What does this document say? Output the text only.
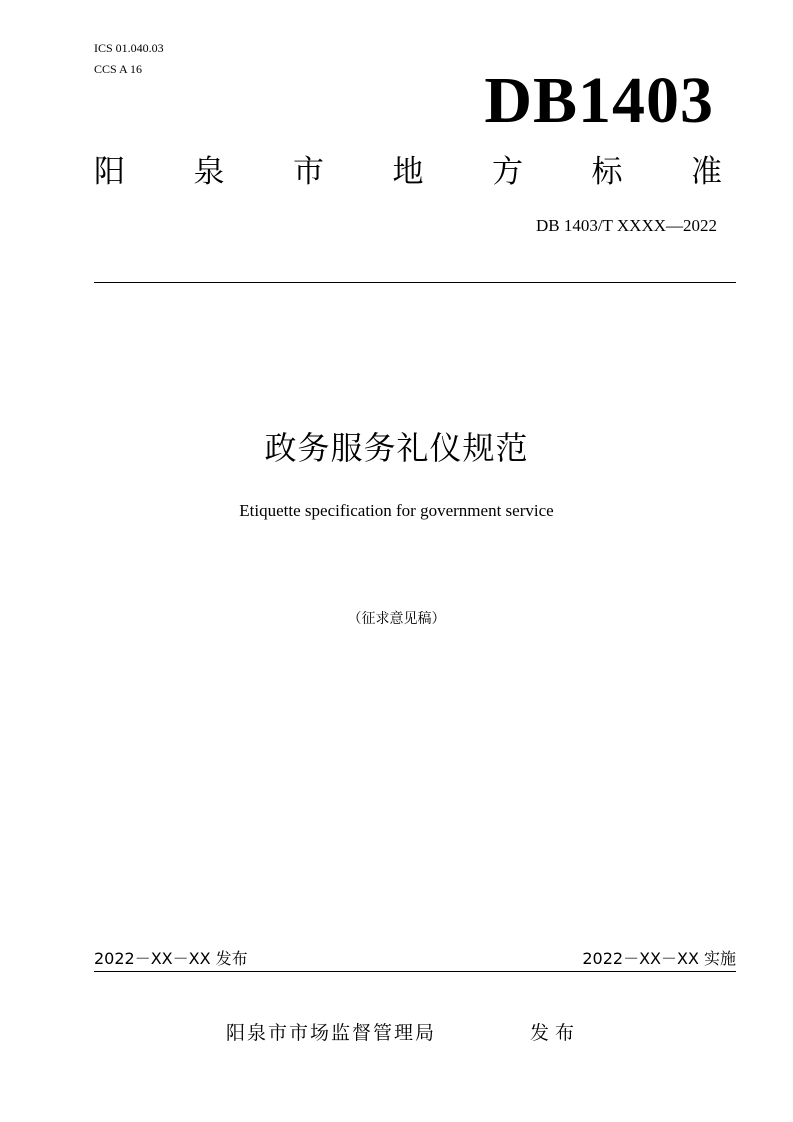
ICS 01.040.03
CCS A 16	DB1403
阳 泉 市 地 方 标 准
DB 1403/T XXXX—2022
政务服务礼仪规范
Etiquette specification for government service
（征求意见稿）
2022－XX－XX 发布	2022－XX－XX 实施
阳泉市市场监督管理局	发布
